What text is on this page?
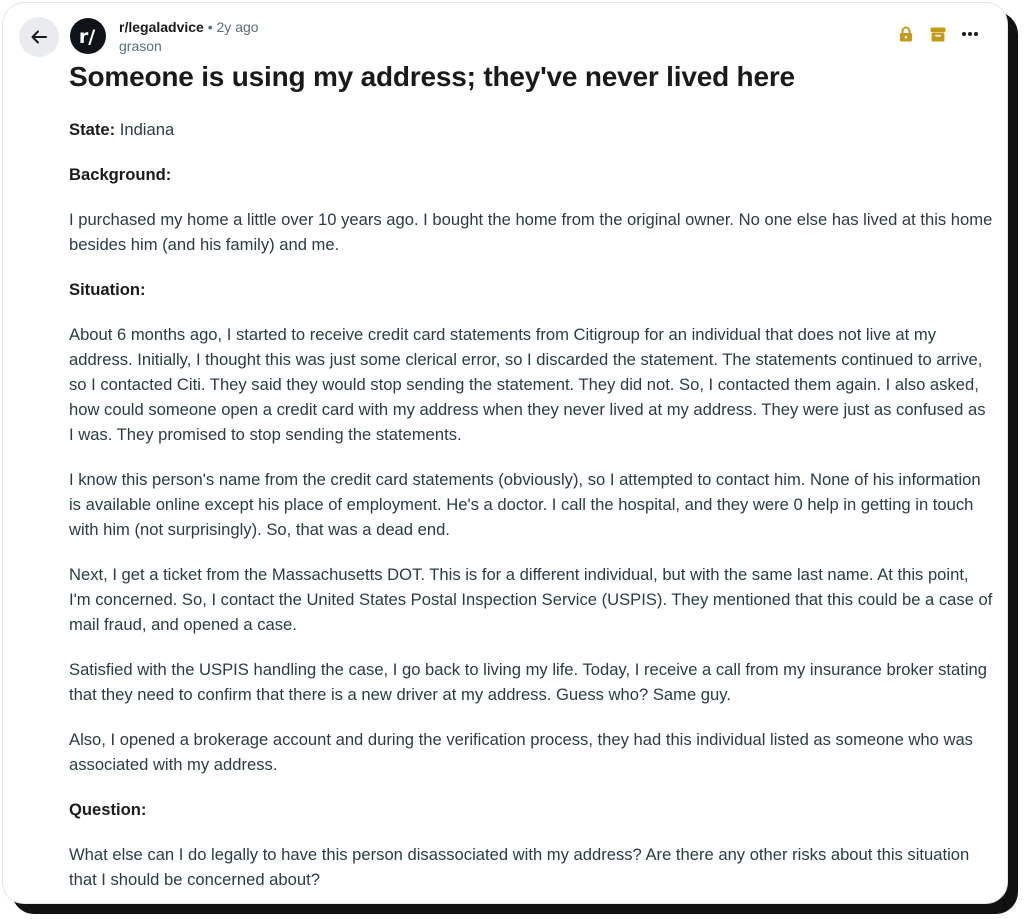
r/ r/legaladvice • 2y ago
grason
Someone is using my address; they've never lived here

State: Indiana

Background:

I purchased my home a little over 10 years ago. I bought the home from the original owner. No one else has lived at this home besides him (and his family) and me.

Situation:

About 6 months ago, I started to receive credit card statements from Citigroup for an individual that does not live at my address. Initially, I thought this was just some clerical error, so I discarded the statement. The statements continued to arrive, so I contacted Citi. They said they would stop sending the statement. They did not. So, I contacted them again. I also asked, how could someone open a credit card with my address when they never lived at my address. They were just as confused as I was. They promised to stop sending the statements.

I know this person's name from the credit card statements (obviously), so I attempted to contact him. None of his information is available online except his place of employment. He's a doctor. I call the hospital, and they were 0 help in getting in touch with him (not surprisingly). So, that was a dead end.

Next, I get a ticket from the Massachusetts DOT. This is for a different individual, but with the same last name. At this point, I'm concerned. So, I contact the United States Postal Inspection Service (USPIS). They mentioned that this could be a case of mail fraud, and opened a case.

Satisfied with the USPIS handling the case, I go back to living my life. Today, I receive a call from my insurance broker stating that they need to confirm that there is a new driver at my address. Guess who? Same guy.

Also, I opened a brokerage account and during the verification process, they had this individual listed as someone who was associated with my address.

Question:

What else can I do legally to have this person disassociated with my address? Are there any other risks about this situation that I should be concerned about?
